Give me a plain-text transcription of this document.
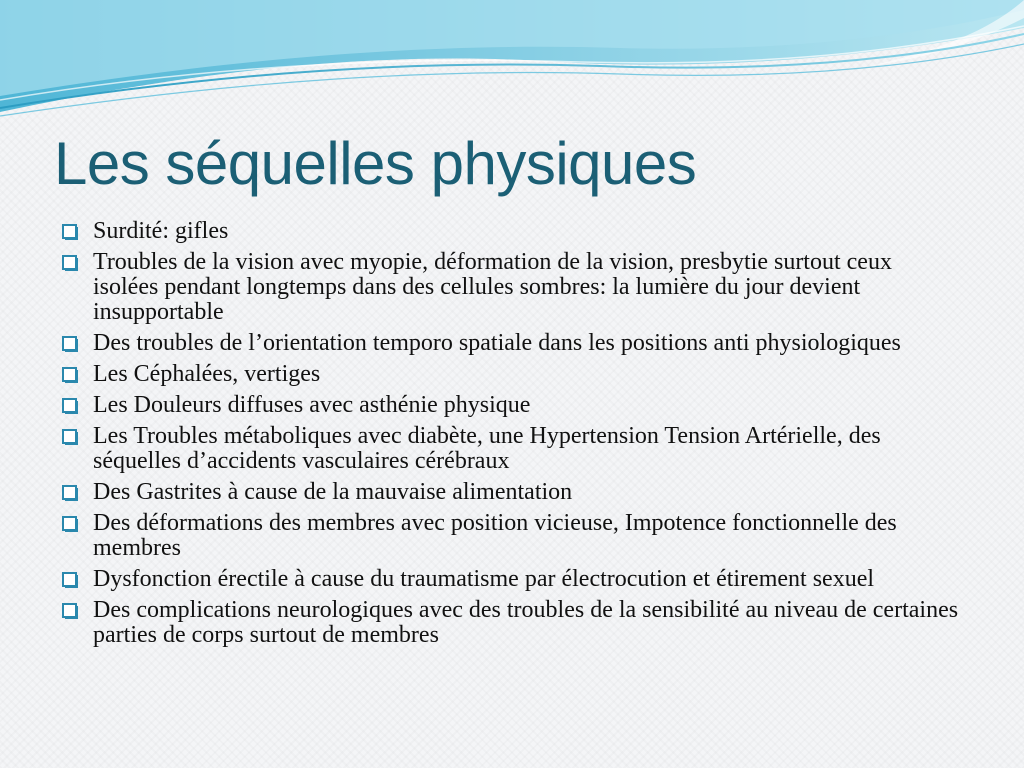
Les séquelles physiques
Surdité: gifles
Troubles de la vision avec myopie, déformation de la vision, presbytie surtout ceux isolées pendant longtemps dans des cellules sombres: la lumière du jour devient insupportable
Des troubles de l’orientation temporo spatiale dans les positions anti physiologiques
Les Céphalées, vertiges
Les Douleurs diffuses avec asthénie physique
Les Troubles métaboliques avec diabète, une Hypertension Tension Artérielle, des séquelles d’accidents vasculaires cérébraux
Des Gastrites à cause de la mauvaise alimentation
Des déformations des membres avec position vicieuse, Impotence fonctionnelle des membres
Dysfonction érectile à cause du traumatisme par électrocution et étirement sexuel
Des complications neurologiques avec des troubles de la sensibilité au niveau de certaines parties de corps surtout de membres
